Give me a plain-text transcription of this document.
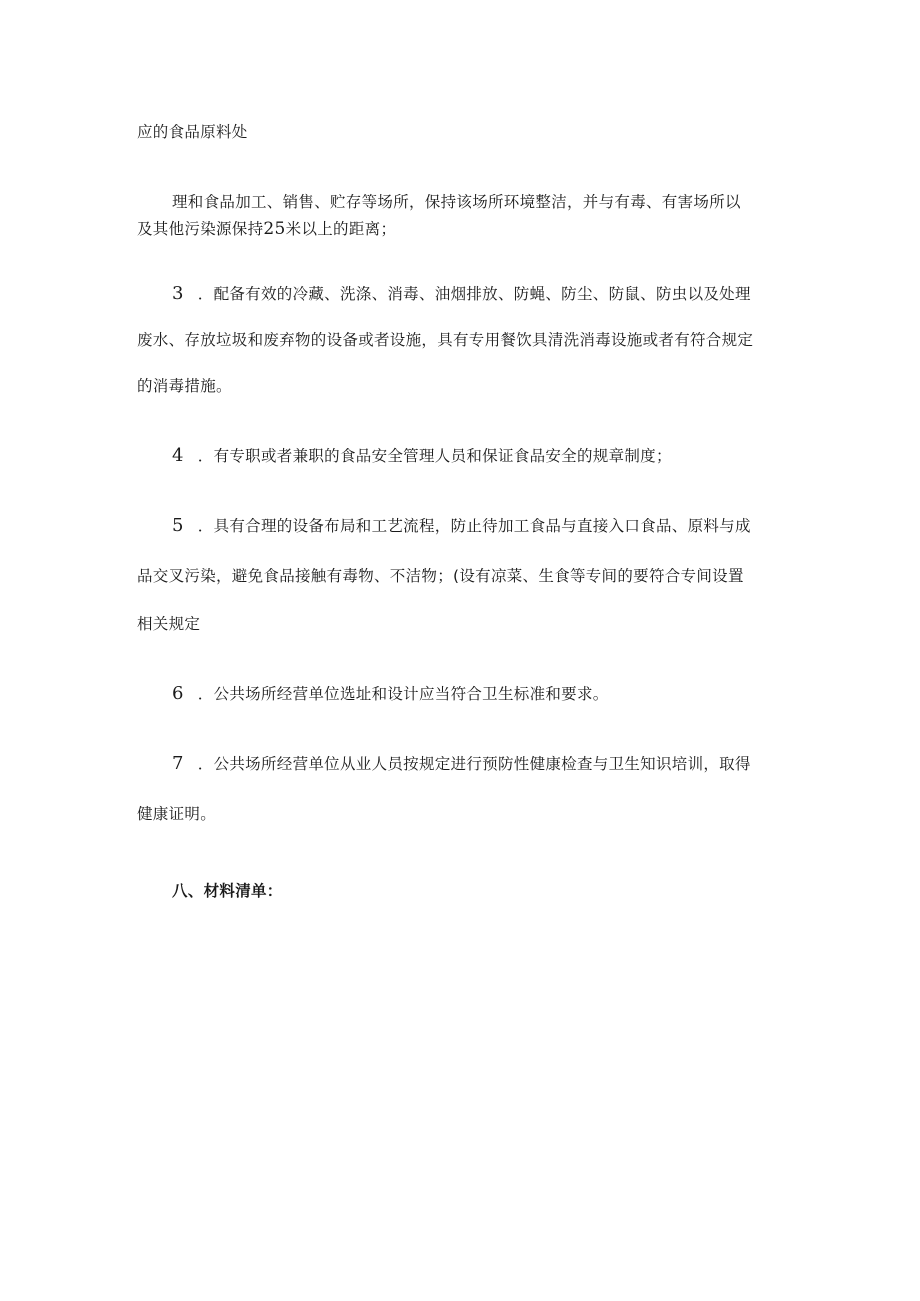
应的食品原料处
理和食品加工、销售、贮存等场所，保持该场所环境整洁，并与有毒、有害场所以
及其他污染源保持25米以上的距离；
3 ．配备有效的冷藏、洗涤、消毒、油烟排放、防蝇、防尘、防鼠、防虫以及处理
废水、存放垃圾和废弃物的设备或者设施，具有专用餐饮具清洗消毒设施或者有符合规定
的消毒措施。
4 ．有专职或者兼职的食品安全管理人员和保证食品安全的规章制度；
5 ．具有合理的设备布局和工艺流程，防止待加工食品与直接入口食品、原料与成
品交叉污染，避免食品接触有毒物、不洁物；(设有凉菜、生食等专间的要符合专间设置
相关规定
6 ．公共场所经营单位选址和设计应当符合卫生标准和要求。
7 ．公共场所经营单位从业人员按规定进行预防性健康检查与卫生知识培训，取得
健康证明。
八、材料清单：
